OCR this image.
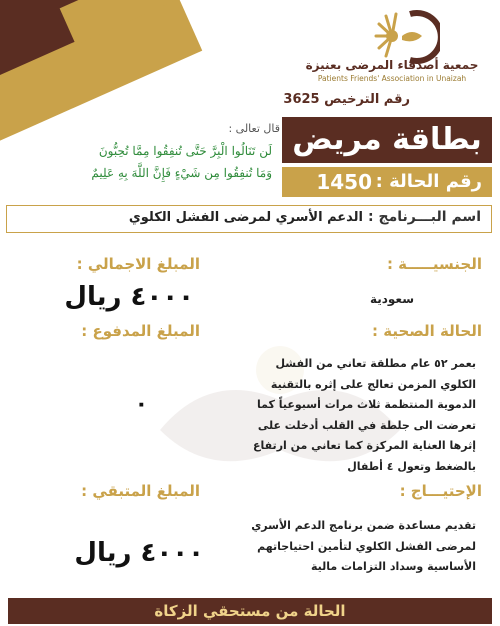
جمعية أصدقاء المرضى بعنيزة
Patients Friends' Association in Unaizah
رقم الترخيص 3625
قال تعالى :
لَن تَنَالُوا الْبِرَّ حَتَّى تُنفِقُوا مِمَّا تُحِبُّونَ
وَمَا تُنفِقُوا مِن شَيْءٍ فَإِنَّ اللَّهَ بِهِ عَلِيمٌ
بطاقة مريض
رقم الحالة :
1450
اسم البـــرنامج :
الدعم الأسري لمرضى الفشل الكلوي
الجنسيـــــة :
سعودية
الحالة الصحية :
بعمر ٥٢ عام مطلقة تعاني من الفشل الكلوي المزمن تعالج على إثره بالتقنية الدموية المنتظمة ثلاث مرات أسبوعياً كما تعرضت الى جلطة في القلب أدخلت على إثرها العناية المركزة كما تعاني من ارتفاع بالضغط وتعول ٤ أطفال
الإحتيـــاج :
تقديم مساعدة ضمن برنامج الدعم الأسري لمرضى الفشل الكلوي لتأمين احتياجاتهم الأساسية وسداد التزامات مالية
المبلغ الاجمالي :
٤٠٠٠ ريال
المبلغ المدفوع :
٠
المبلغ المتبقي :
٤٠٠٠ ريال
الحالة من مستحقي الزكاة
